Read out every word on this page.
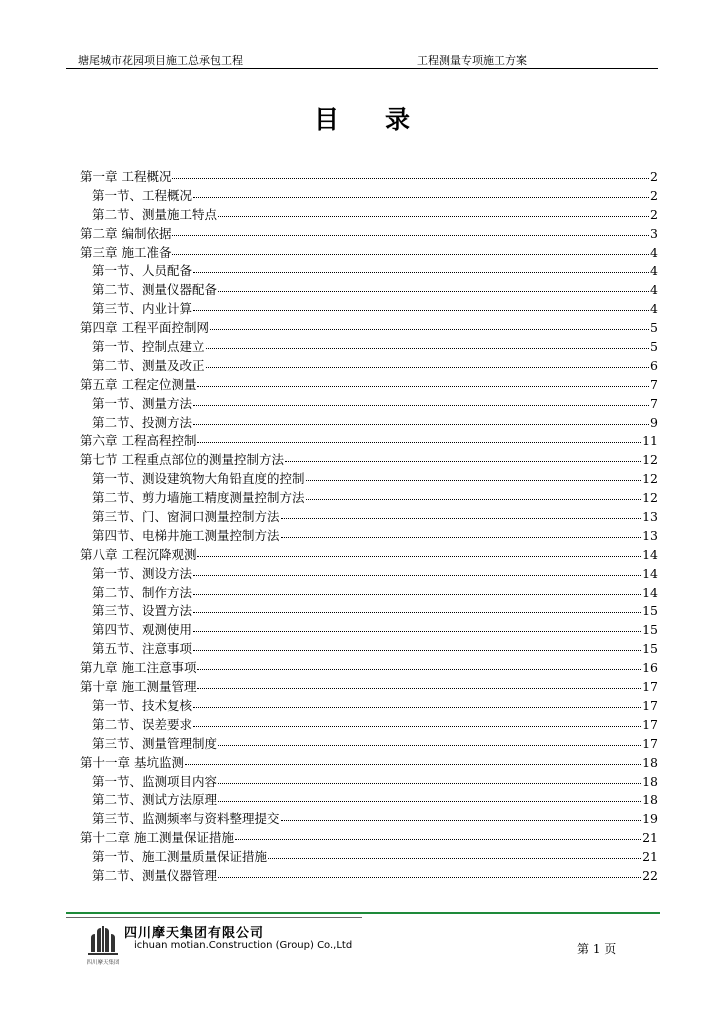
塘尾城市花园项目施工总承包工程	工程测量专项施工方案
目录
第一章 工程概况	2
第一节、工程概况	2
第二节、测量施工特点	2
第二章 编制依据	3
第三章 施工准备	4
第一节、人员配备	4
第二节、测量仪器配备	4
第三节、内业计算	4
第四章 工程平面控制网	5
第一节、控制点建立	5
第二节、测量及改正	6
第五章 工程定位测量	7
第一节、测量方法	7
第二节、投测方法	9
第六章 工程高程控制	11
第七节 工程重点部位的测量控制方法	12
第一节、测设建筑物大角铅直度的控制	12
第二节、剪力墙施工精度测量控制方法	12
第三节、门、窗洞口测量控制方法	13
第四节、电梯井施工测量控制方法	13
第八章 工程沉降观测	14
第一节、测设方法	14
第二节、制作方法	14
第三节、设置方法	15
第四节、观测使用	15
第五节、注意事项	15
第九章 施工注意事项	16
第十章 施工测量管理	17
第一节、技术复核	17
第二节、误差要求	17
第三节、测量管理制度	17
第十一章 基坑监测	18
第一节、监测项目内容	18
第二节、测试方法原理	18
第三节、监测频率与资料整理提交	19
第十二章 施工测量保证措施	21
第一节、施工测量质量保证措施	21
第二节、测量仪器管理	22
四川摩天集团
四川摩天集团有限公司
ichuan motian.Construction (Group) Co.,Ltd	第 1 页
